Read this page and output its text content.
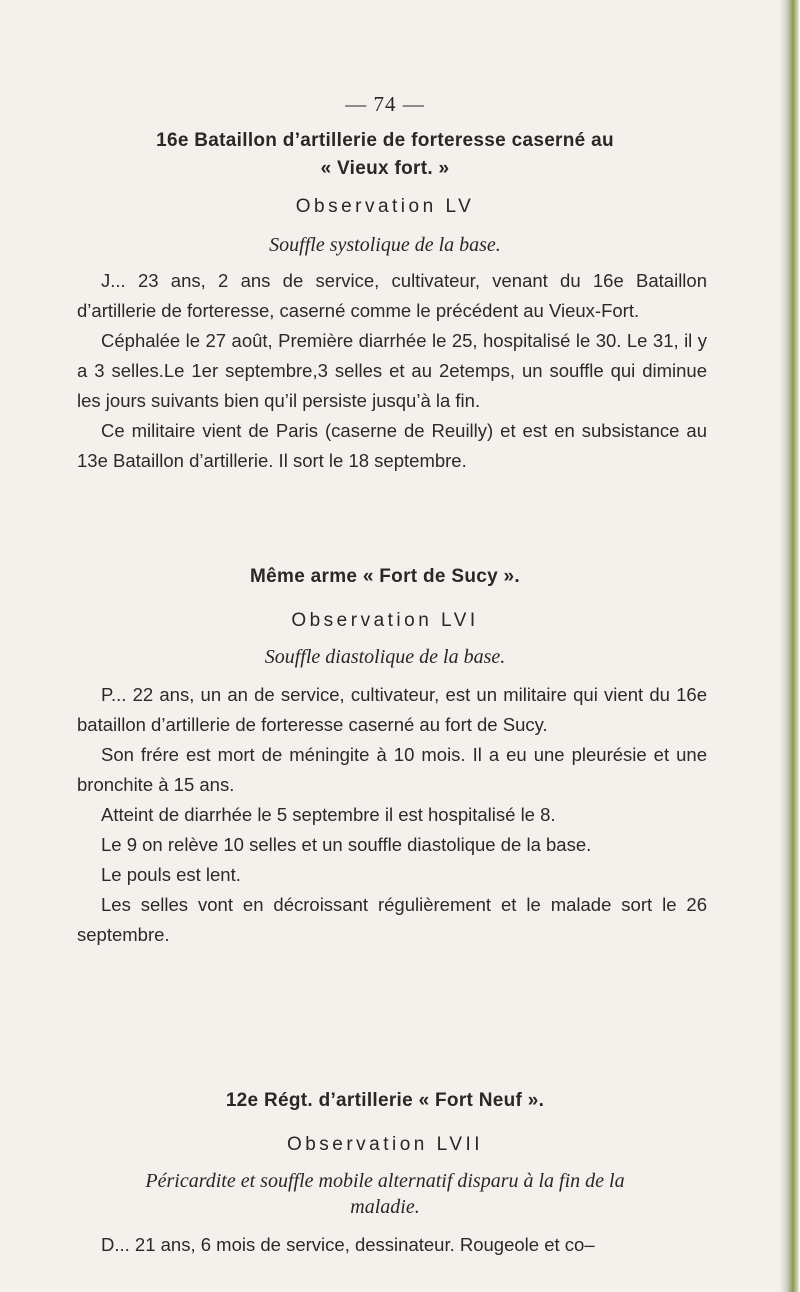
— 74 —
16e Bataillon d’artillerie de forteresse caserné au
« Vieux fort. »
Observation LV
Souffle systolique de la base.

J... 23 ans, 2 ans de service, cultivateur, venant du 16e Bataillon d’artillerie de forteresse, caserné comme le précédent au Vieux-Fort.

Céphalée le 27 août, Première diarrhée le 25, hospitalisé le 30. Le 31, il y a 3 selles.Le 1er septembre,3 selles et au 2etemps, un souffle qui diminue les jours suivants bien qu’il persiste jusqu’à la fin.

Ce militaire vient de Paris (caserne de Reuilly) et est en subsistance au 13e Bataillon d’artillerie. Il sort le 18 septembre.

Même arme « Fort de Sucy ».
Observation LVI
Souffle diastolique de la base.

P... 22 ans, un an de service, cultivateur, est un militaire qui vient du 16e bataillon d’artillerie de forteresse caserné au fort de Sucy.

Son frére est mort de méningite à 10 mois. Il a eu une pleurésie et une bronchite à 15 ans.

Atteint de diarrhée le 5 septembre il est hospitalisé le 8.

Le 9 on relève 10 selles et un souffle diastolique de la base.

Le pouls est lent.

Les selles vont en décroissant régulièrement et le malade sort le 26 septembre.

12e Régt. d’artillerie « Fort Neuf ».
Observation LVII
Péricardite et souffle mobile alternatif disparu à la fin de la
maladie.

D... 21 ans, 6 mois de service, dessinateur. Rougeole et co–
